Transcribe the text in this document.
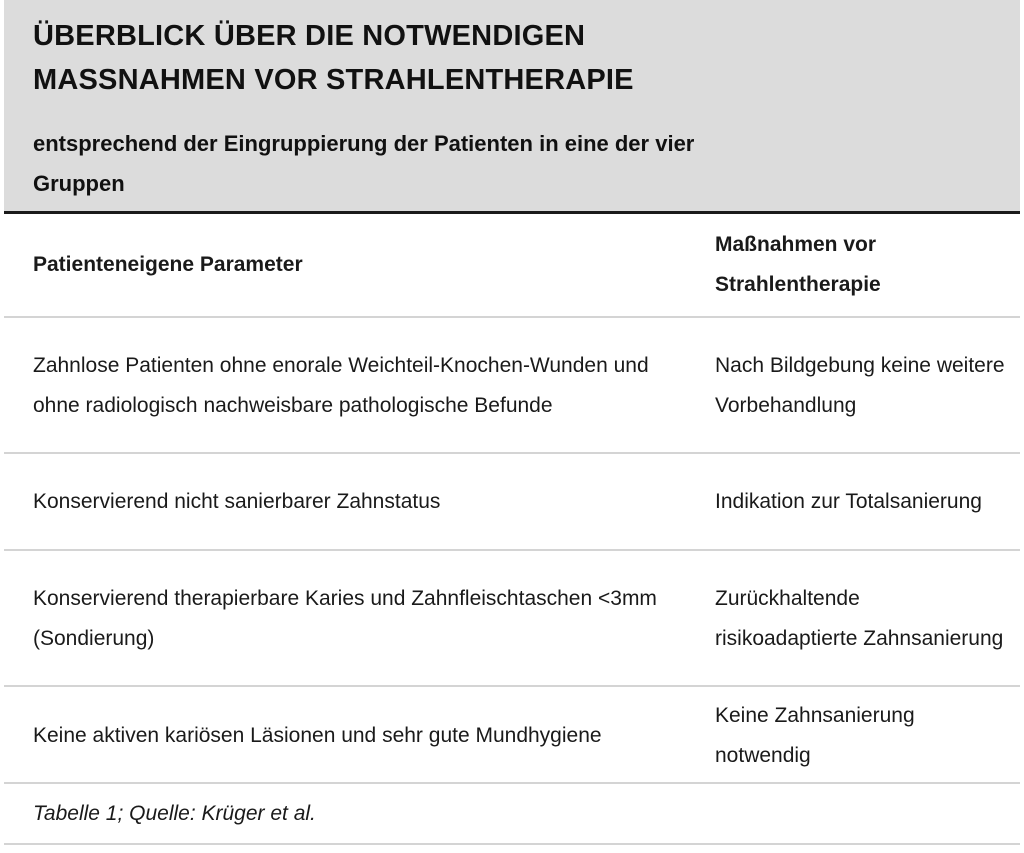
ÜBERBLICK ÜBER DIE NOTWENDIGEN MASSNAHMEN VOR STRAHLENTHERAPIE
entsprechend der Eingruppierung der Patienten in eine der vier Gruppen
Patienteneigene Parameter
Maßnahmen vor Strahlentherapie
Zahnlose Patienten ohne enorale Weichteil-Knochen-Wunden und ohne radiologisch nachweisbare pathologische Befunde
Nach Bildgebung keine weitere Vorbehandlung
Konservierend nicht sanierbarer Zahnstatus	Indikation zur Totalsanierung
Konservierend therapierbare Karies und Zahnfleischtaschen <3mm (Sondierung)
Zurückhaltende risikoadaptierte Zahnsanierung
Keine aktiven kariösen Läsionen und sehr gute Mundhygiene
Keine Zahnsanierung notwendig
Tabelle 1; Quelle: Krüger et al.
